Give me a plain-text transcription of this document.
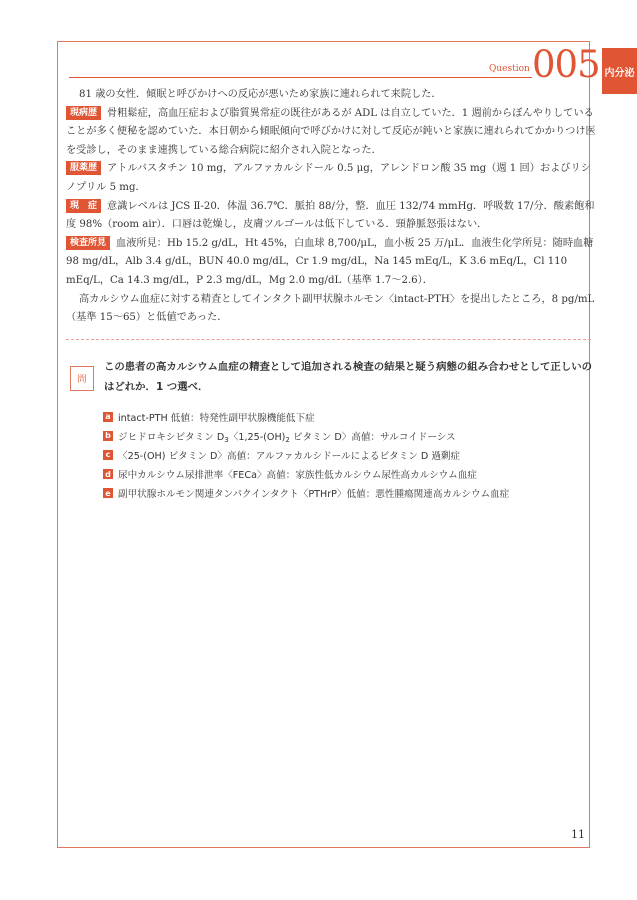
内分泌
Question 005

81 歳の女性．傾眠と呼びかけへの反応が悪いため家族に連れられて来院した．

現病歴 骨粗鬆症，高血圧症および脂質異常症の既往があるが ADL は自立していた．1 週前からぼんやりしていることが多く便秘を認めていた．本日朝から傾眠傾向で呼びかけに対して反応が鈍いと家族に連れられてかかりつけ医を受診し，そのまま連携している総合病院に紹介され入院となった．

服薬歴 アトルバスタチン 10 mg，アルファカルシドール 0.5 μg，アレンドロン酸 35 mg（週 1 回）およびリシノプリル 5 mg．

現　症 意識レベルは JCS Ⅱ-20．体温 36.7℃．脈拍 88/分，整．血圧 132/74 mmHg．呼吸数 17/分．酸素飽和度 98%（room air）．口唇は乾燥し，皮膚ツルゴールは低下している．頸静脈怒張はない．

検査所見 血液所見：Hb 15.2 g/dL，Ht 45%，白血球 8,700/μL，血小板 25 万/μL．血液生化学所見：随時血糖 98 mg/dL，Alb 3.4 g/dL，BUN 40.0 mg/dL，Cr 1.9 mg/dL，Na 145 mEq/L，K 3.6 mEq/L，Cl 110 mEq/L，Ca 14.3 mg/dL，P 2.3 mg/dL，Mg 2.0 mg/dL（基準 1.7〜2.6）．

高カルシウム血症に対する精査としてインタクト副甲状腺ホルモン〈intact-PTH〉を提出したところ，8 pg/mL（基準 15〜65）と低値であった．

問
この患者の高カルシウム血症の精査として追加される検査の結果と疑う病態の組み合わせとして正しいのはどれか．1 つ選べ．
a intact-PTH 低値：特発性副甲状腺機能低下症
b ジヒドロキシビタミン $D_3$〈$1,25-(OH)_2$ ビタミン D〉高値：サルコイドーシス
c 〈25-(OH) ビタミン D〉高値：アルファカルシドールによるビタミン D 過剰症
d 尿中カルシウム尿排泄率〈FECa〉高値：家族性低カルシウム尿性高カルシウム血症
e 副甲状腺ホルモン関連タンパクインタクト〈PTHrP〉低値：悪性腫瘍関連高カルシウム血症
11
